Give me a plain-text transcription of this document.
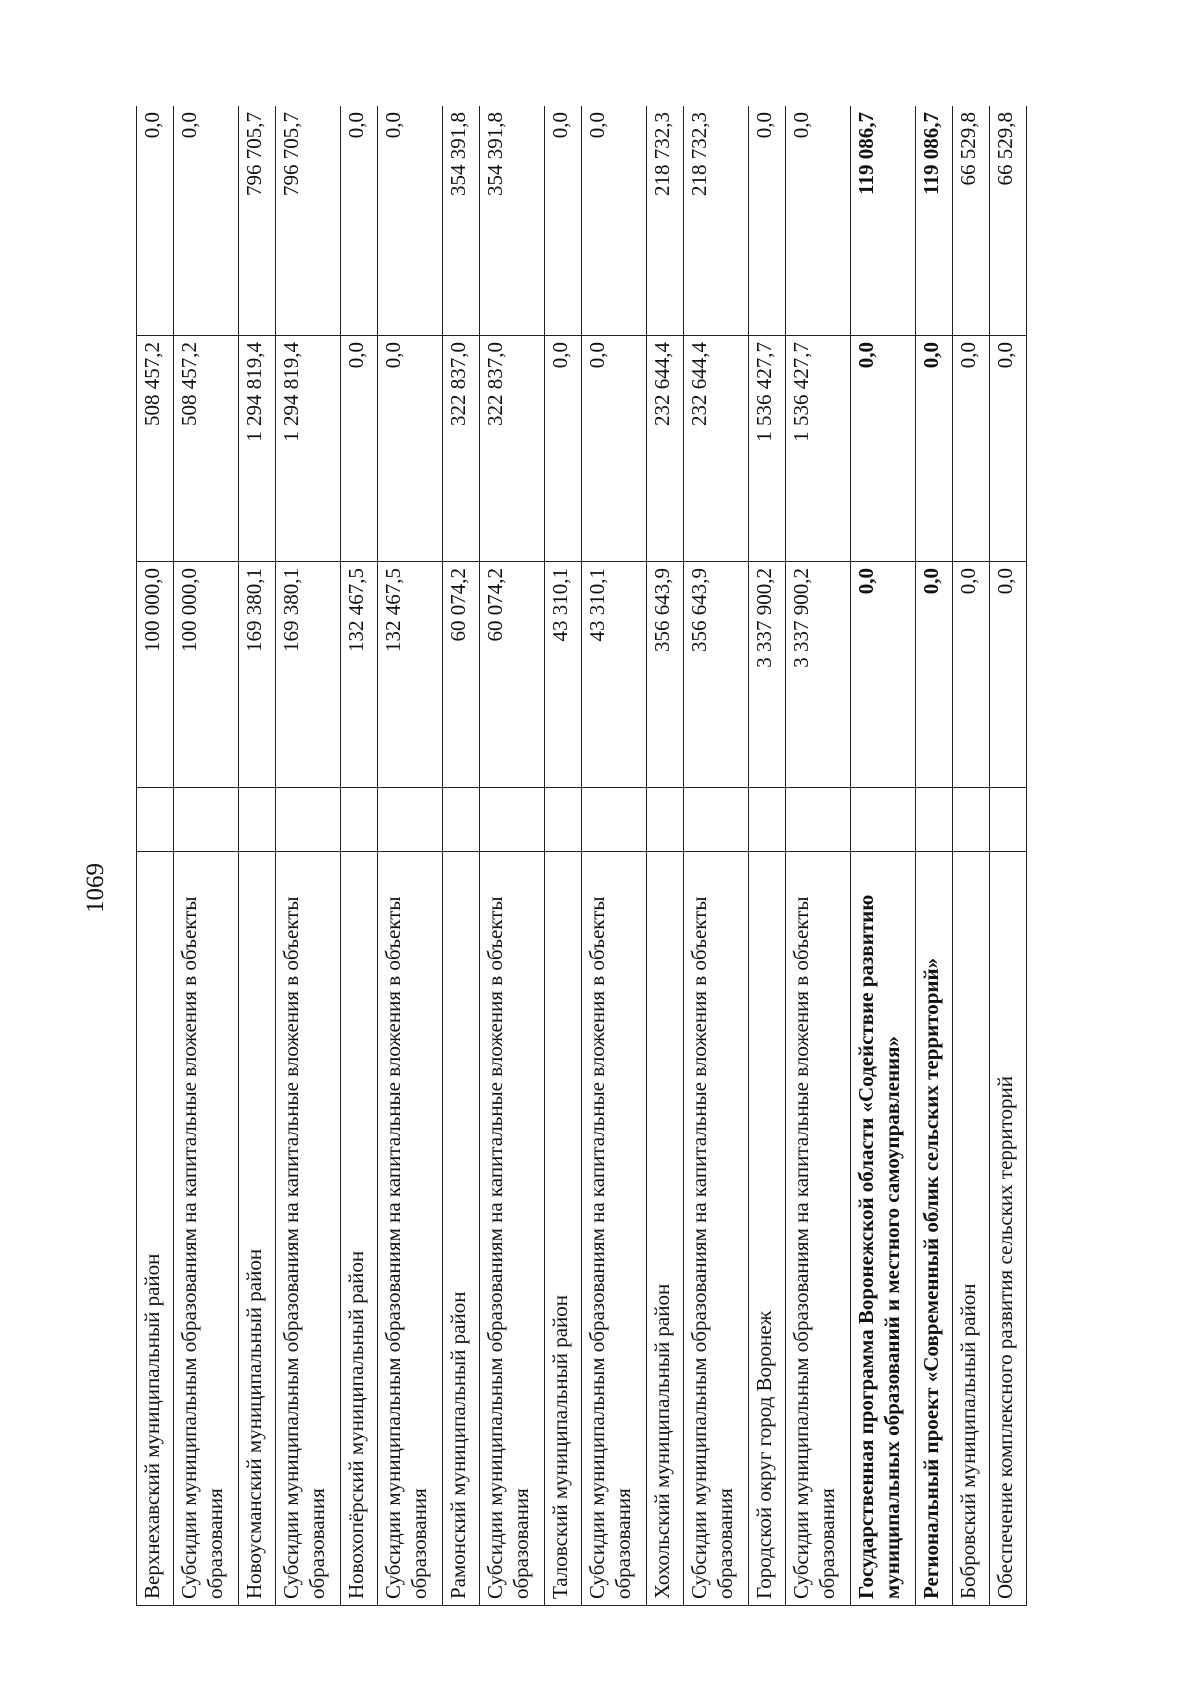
1069
Верхнехавский муниципальный район		100 000,0	508 457,2	0,0
Субсидии муниципальным образованиям на капитальные вложения в объекты образования		100 000,0	508 457,2	0,0
Новоусманский муниципальный район		169 380,1	1 294 819,4	796 705,7
Субсидии муниципальным образованиям на капитальные вложения в объекты образования		169 380,1	1 294 819,4	796 705,7
Новохопёрский муниципальный район		132 467,5	0,0	0,0
Субсидии муниципальным образованиям на капитальные вложения в объекты образования		132 467,5	0,0	0,0
Рамонский муниципальный район		60 074,2	322 837,0	354 391,8
Субсидии муниципальным образованиям на капитальные вложения в объекты образования		60 074,2	322 837,0	354 391,8
Таловский муниципальный район		43 310,1	0,0	0,0
Субсидии муниципальным образованиям на капитальные вложения в объекты образования		43 310,1	0,0	0,0
Хохольский муниципальный район		356 643,9	232 644,4	218 732,3
Субсидии муниципальным образованиям на капитальные вложения в объекты образования		356 643,9	232 644,4	218 732,3
Городской округ город Воронеж		3 337 900,2	1 536 427,7	0,0
Субсидии муниципальным образованиям на капитальные вложения в объекты образования		3 337 900,2	1 536 427,7	0,0
Государственная программа Воронежской области «Содействие развитию муниципальных образований и местного самоуправления»		0,0	0,0	119 086,7
Региональный проект «Современный облик сельских территорий»		0,0	0,0	119 086,7
Бобровский муниципальный район		0,0	0,0	66 529,8
Обеспечение комплексного развития сельских территорий		0,0	0,0	66 529,8
